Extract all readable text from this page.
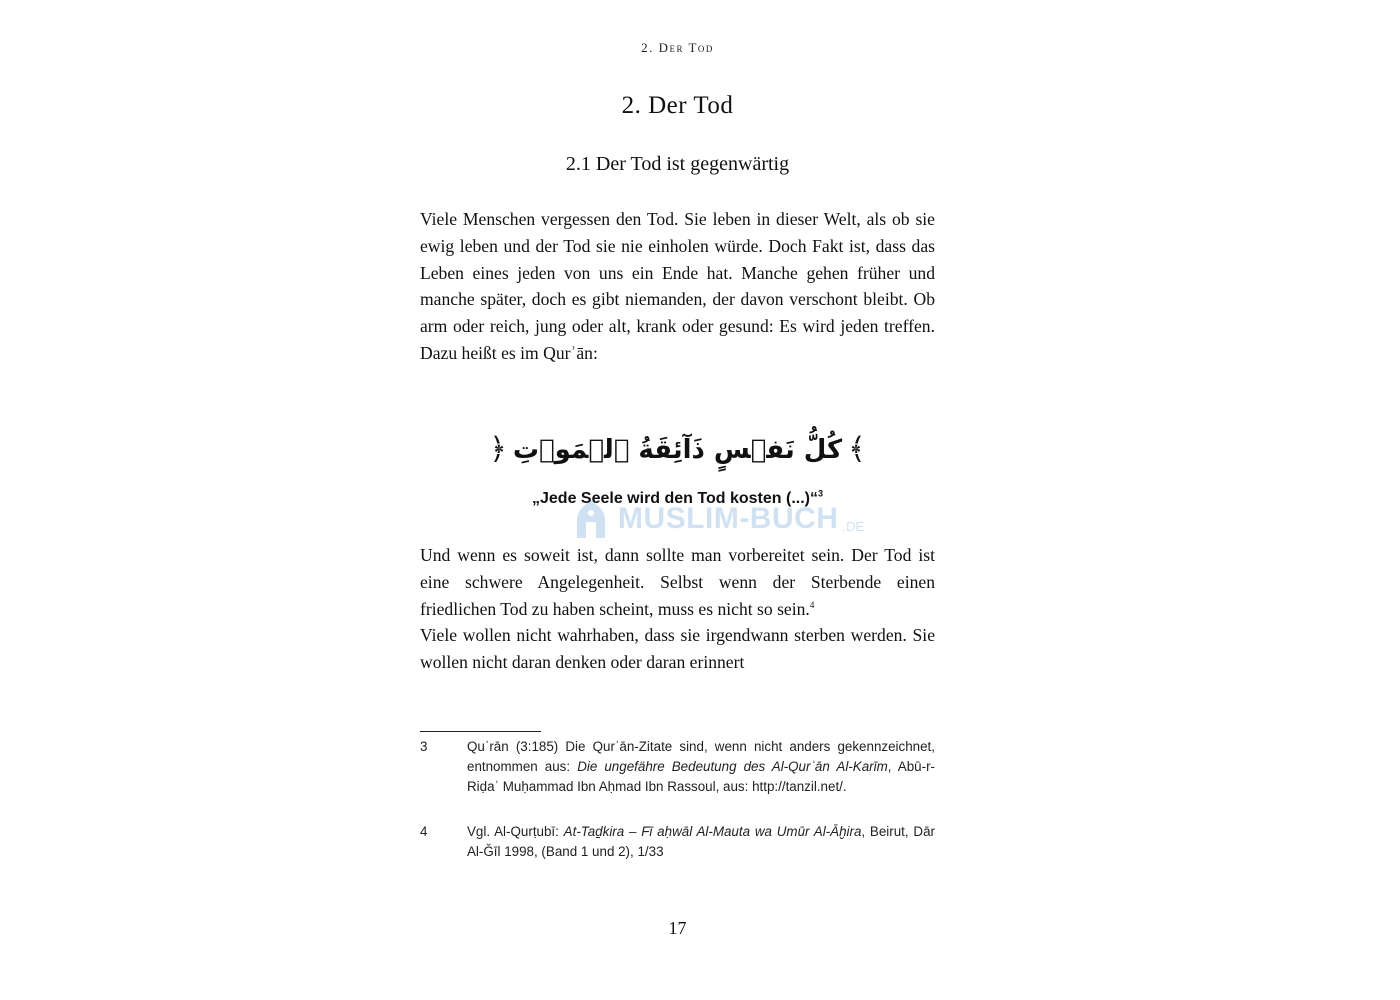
2. Der Tod
2. Der Tod
2.1 Der Tod ist gegenwärtig
Viele Menschen vergessen den Tod. Sie leben in dieser Welt, als ob sie ewig leben und der Tod sie nie einholen würde. Doch Fakt ist, dass das Leben eines jeden von uns ein Ende hat. Manche gehen früher und manche später, doch es gibt niemanden, der davon verschont bleibt. Ob arm oder reich, jung oder alt, krank oder gesund: Es wird jeden treffen. Dazu heißt es im Qurʾān:
﴿ كُلُّ نَفۡسٍ ذَآئِقَةُ ٱلۡمَوۡتِ ﴾
„Jede Seele wird den Tod kosten (...)“$^3$
MUSLIM-BUCH .DE
Und wenn es soweit ist, dann sollte man vorbereitet sein. Der Tod ist eine schwere Angelegenheit. Selbst wenn der Sterbende einen friedlichen Tod zu haben scheint, muss es nicht so sein.$^4$
Viele wollen nicht wahrhaben, dass sie irgendwann sterben werden. Sie wollen nicht daran denken oder daran erinnert
3	Quʾrān (3:185) Die Qurʾān-Zitate sind, wenn nicht anders gekennzeichnet, entnommen aus: Die ungefähre Bedeutung des Al-Qurʾān Al-Karīm, Abū-r-Riḍaʾ Muḥammad Ibn Aḥmad Ibn Rassoul, aus: http://tanzil.net/.
4	Vgl. Al-Qurṭubī: At-Taḏkira – Fī aḥwāl Al-Mauta wa Umūr Al-Āḫira, Beirut, Dār Al-Ǧīl 1998, (Band 1 und 2), 1/33
17
